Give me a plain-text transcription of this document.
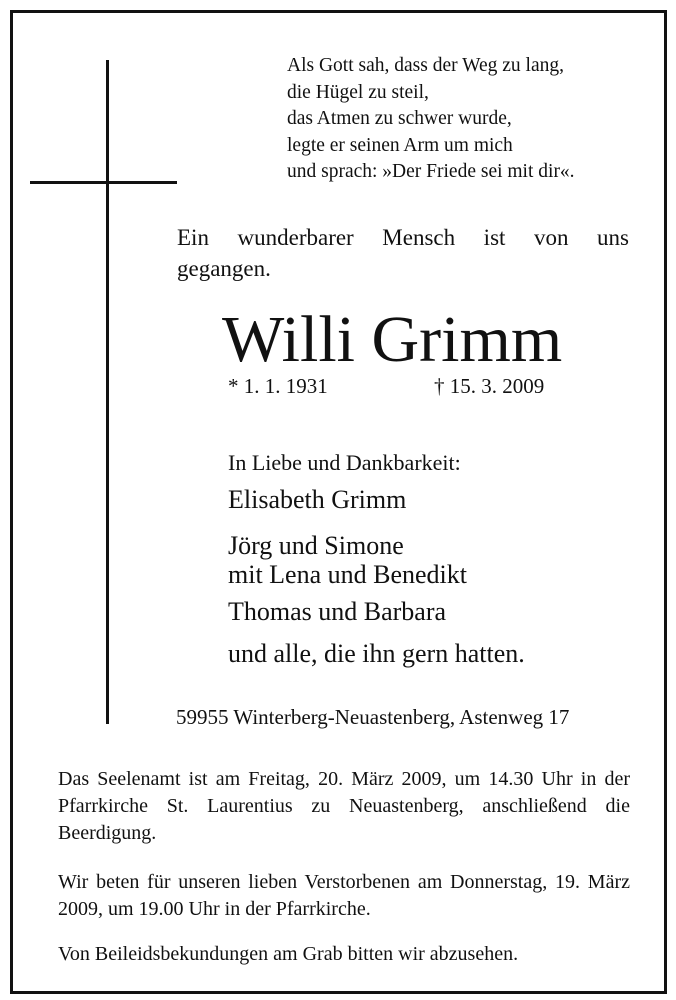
Als Gott sah, dass der Weg zu lang,
die Hügel zu steil,
das Atmen zu schwer wurde,
legte er seinen Arm um mich
und sprach: »Der Friede sei mit dir«.
Ein wunderbarer Mensch ist von uns gegangen.
Willi Grimm
* 1. 1. 1931	† 15. 3. 2009
In Liebe und Dankbarkeit:
Elisabeth Grimm
Jörg und Simone
mit Lena und Benedikt
Thomas und Barbara
und alle, die ihn gern hatten.
59955 Winterberg-Neuastenberg, Astenweg 17
Das Seelenamt ist am Freitag, 20. März 2009, um 14.30 Uhr in der Pfarrkirche St. Laurentius zu Neuastenberg, anschließend die Beerdigung.
Wir beten für unseren lieben Verstorbenen am Donnerstag, 19. März 2009, um 19.00 Uhr in der Pfarrkirche.
Von Beileidsbekundungen am Grab bitten wir abzusehen.
